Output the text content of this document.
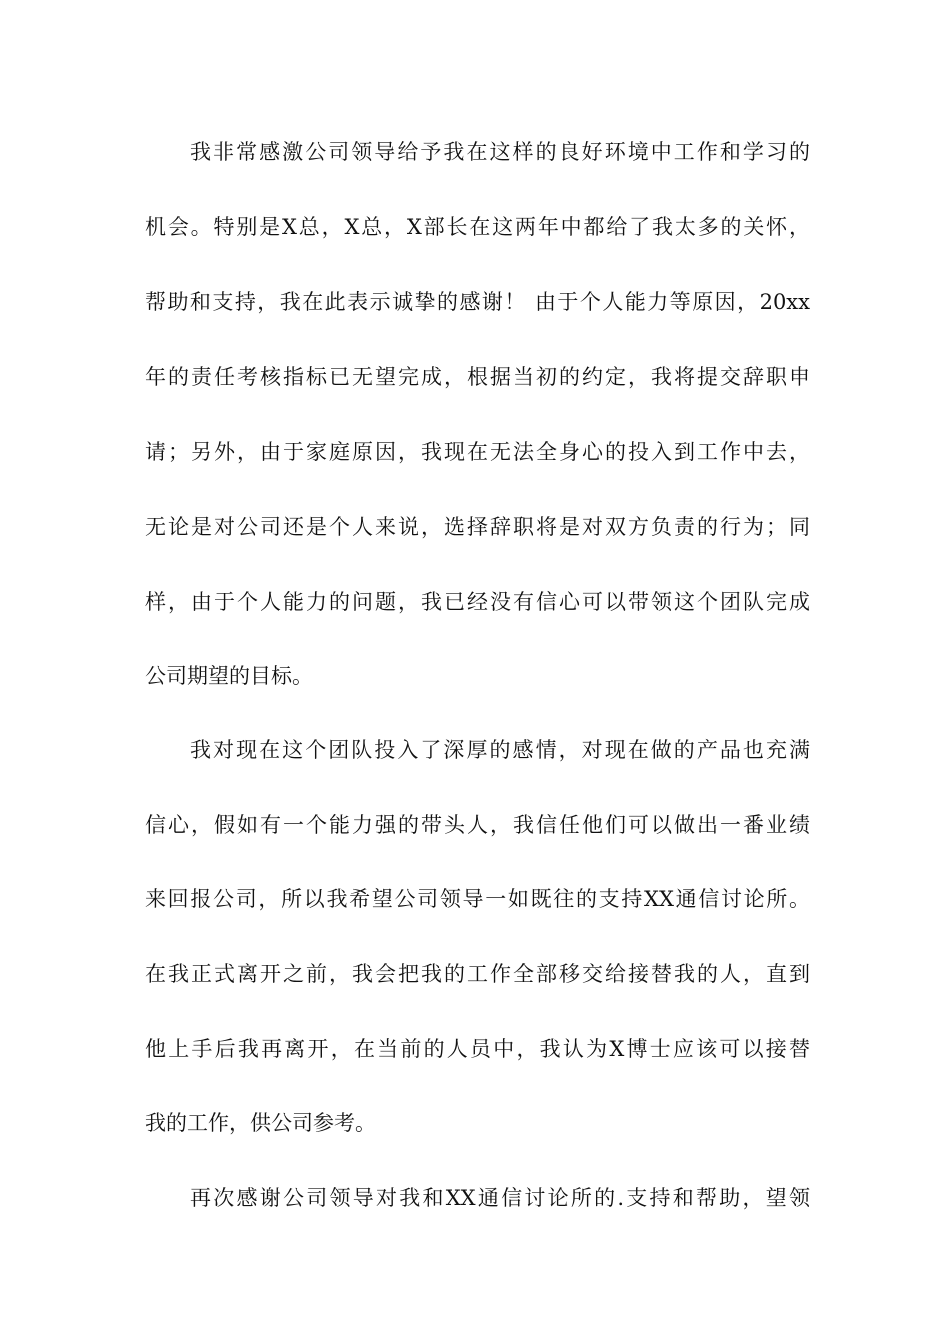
我非常感激公司领导给予我在这样的良好环境中工作和学习的
机会。特别是X总，X总，X部长在这两年中都给了我太多的关怀，
帮助和支持，我在此表示诚挚的感谢！ 由于个人能力等原因，20xx
年的责任考核指标已无望完成，根据当初的约定，我将提交辞职申
请；另外，由于家庭原因，我现在无法全身心的投入到工作中去，
无论是对公司还是个人来说，选择辞职将是对双方负责的行为；同
样，由于个人能力的问题，我已经没有信心可以带领这个团队完成
公司期望的目标。
我对现在这个团队投入了深厚的感情，对现在做的产品也充满
信心，假如有一个能力强的带头人，我信任他们可以做出一番业绩
来回报公司，所以我希望公司领导一如既往的支持XX通信讨论所。
在我正式离开之前，我会把我的工作全部移交给接替我的人，直到
他上手后我再离开，在当前的人员中，我认为X博士应该可以接替
我的工作，供公司参考。
再次感谢公司领导对我和XX通信讨论所的.支持和帮助，望领
